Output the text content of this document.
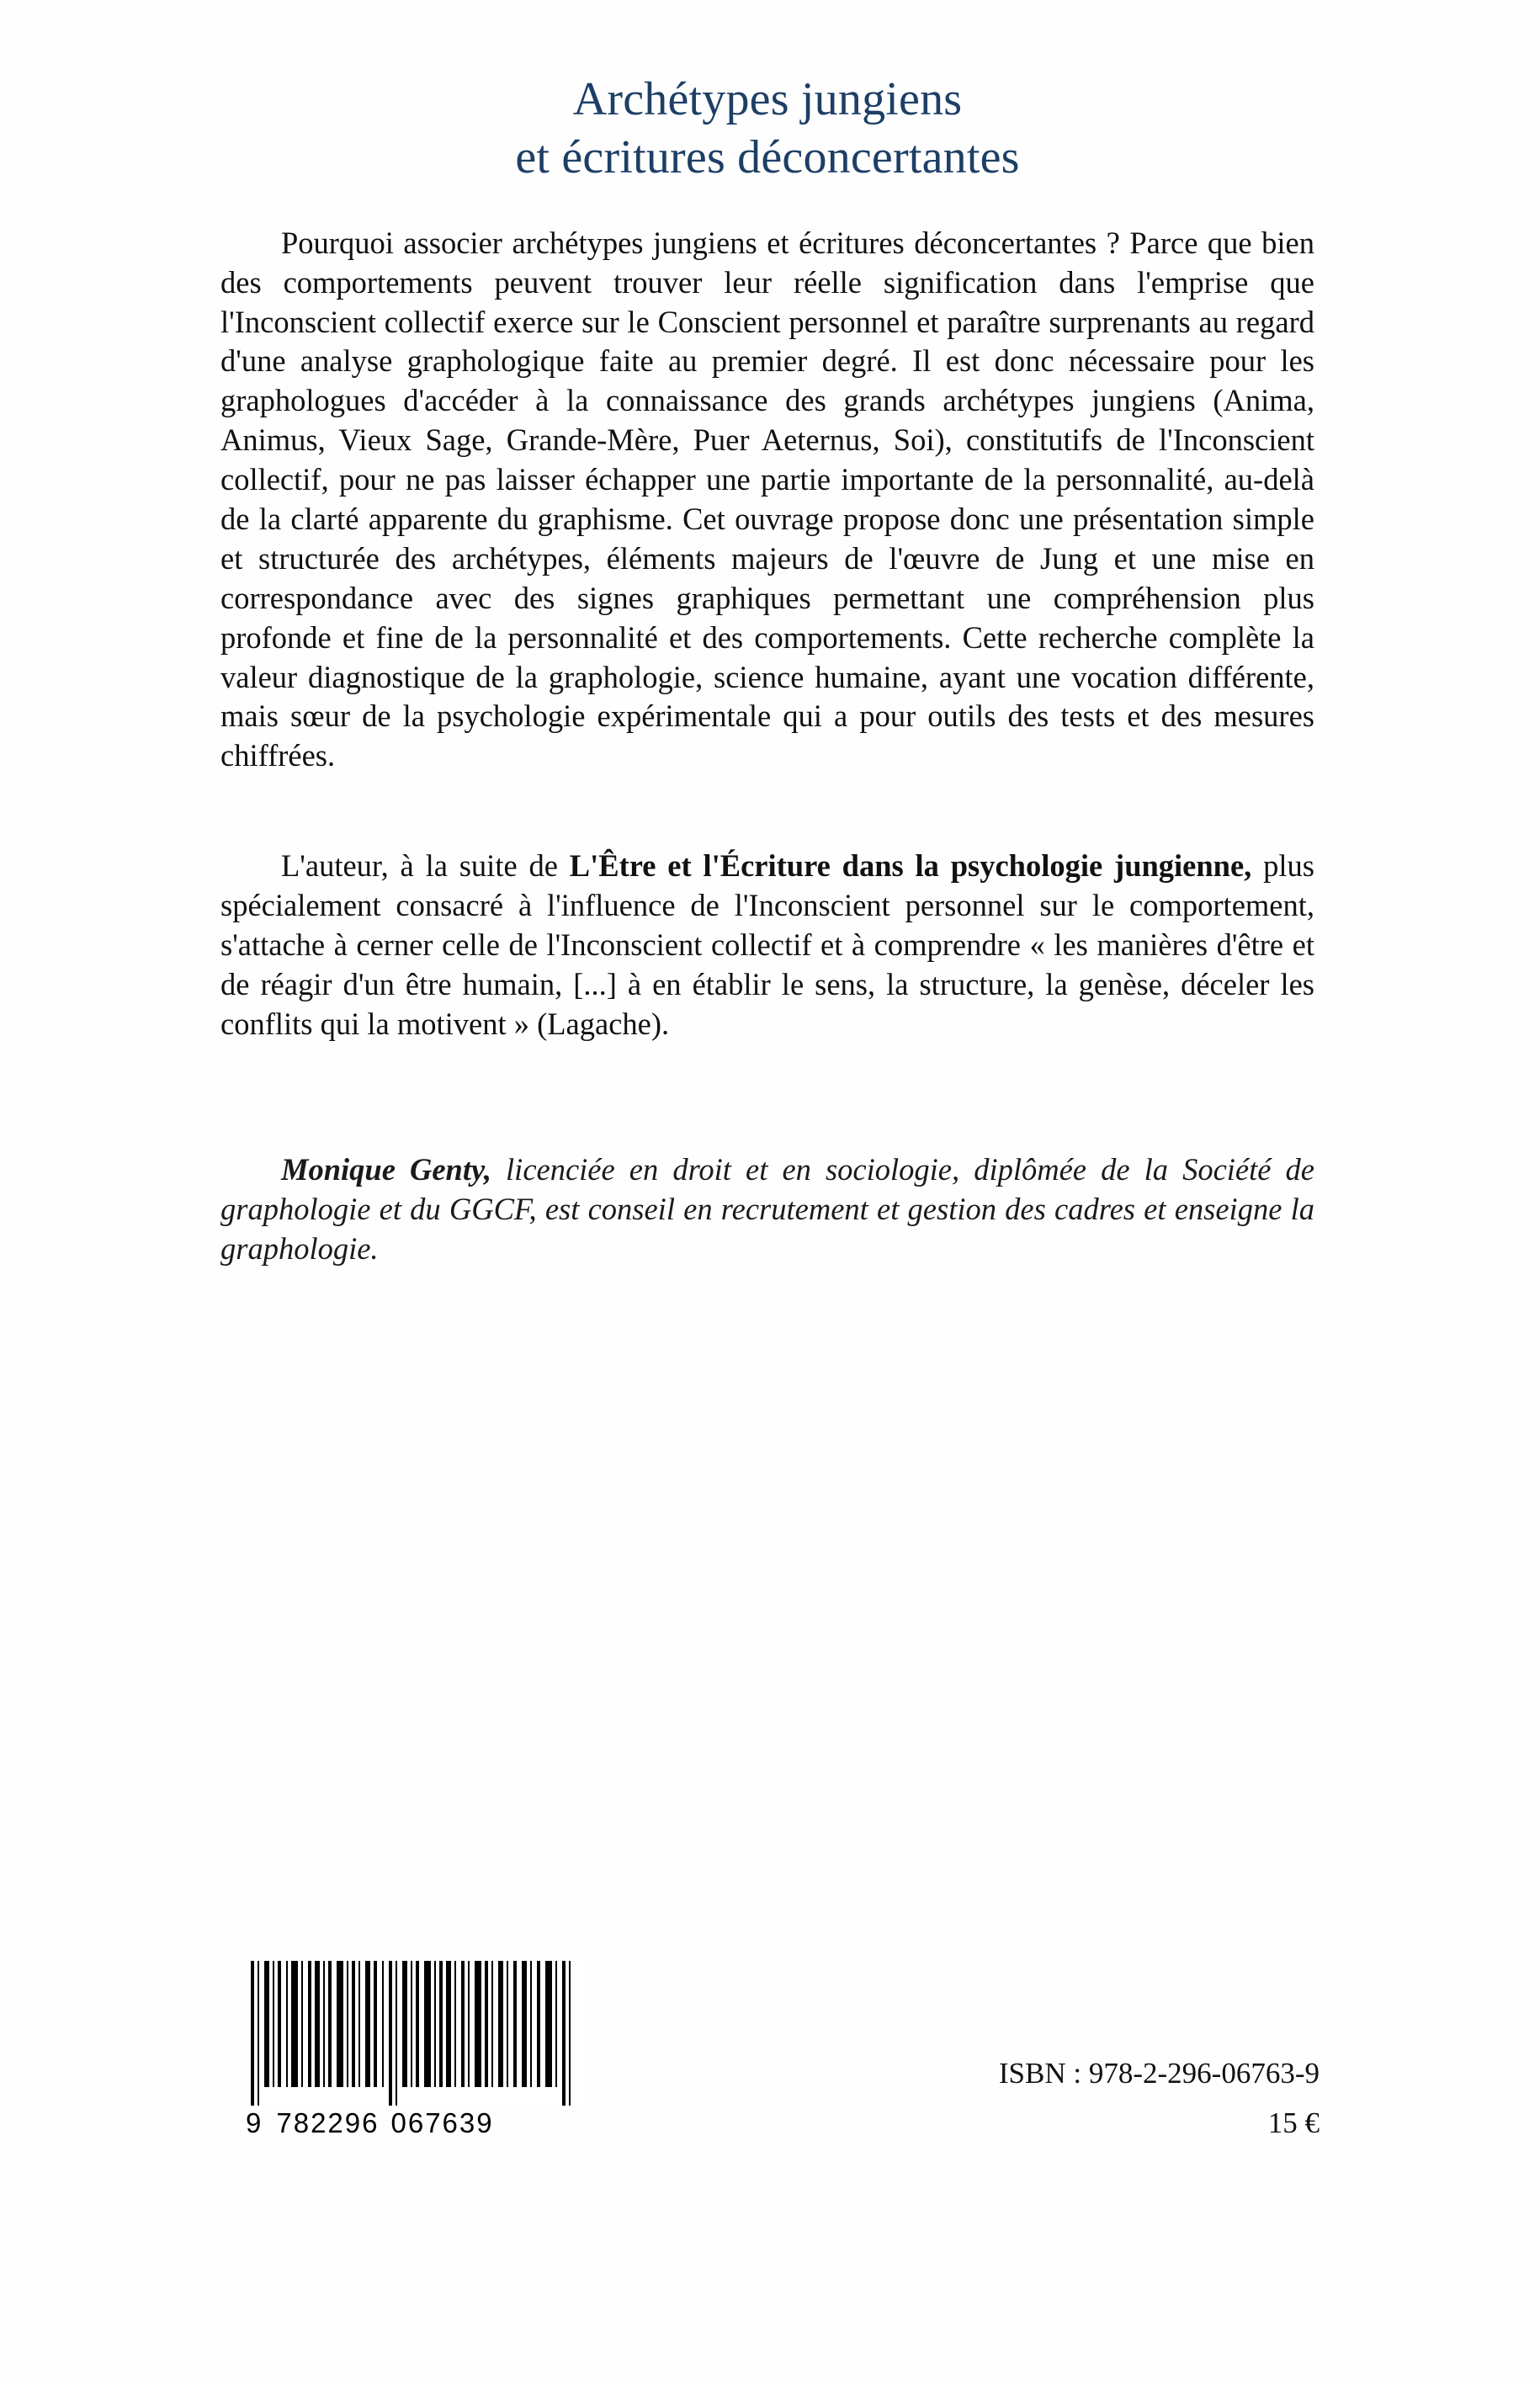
Archétypes jungiens
et écritures déconcertantes

Pourquoi associer archétypes jungiens et écritures déconcertantes ? Parce que bien des comportements peuvent trouver leur réelle signification dans l'emprise que l'Inconscient collectif exerce sur le Conscient personnel et paraître surprenants au regard d'une analyse graphologique faite au premier degré. Il est donc nécessaire pour les graphologues d'accéder à la connaissance des grands archétypes jungiens (Anima, Animus, Vieux Sage, Grande-Mère, Puer Aeternus, Soi), constitutifs de l'Inconscient collectif, pour ne pas laisser échapper une partie importante de la personnalité, au-delà de la clarté apparente du graphisme. Cet ouvrage propose donc une présentation simple et structurée des archétypes, éléments majeurs de l'œuvre de Jung et une mise en correspondance avec des signes graphiques permettant une compréhension plus profonde et fine de la personnalité et des comportements. Cette recherche complète la valeur diagnostique de la graphologie, science humaine, ayant une vocation différente, mais sœur de la psychologie expérimentale qui a pour outils des tests et des mesures chiffrées.

L'auteur, à la suite de L'Être et l'Écriture dans la psychologie jungienne, plus spécialement consacré à l'influence de l'Inconscient personnel sur le comportement, s'attache à cerner celle de l'Inconscient collectif et à comprendre « les manières d'être et de réagir d'un être humain, [...] à en établir le sens, la structure, la genèse, déceler les conflits qui la motivent » (Lagache).

Monique Genty, licenciée en droit et en sociologie, diplômée de la Société de graphologie et du GGCF, est conseil en recrutement et gestion des cadres et enseigne la graphologie.

9 782296 067639
ISBN : 978-2-296-06763-9
15 €
